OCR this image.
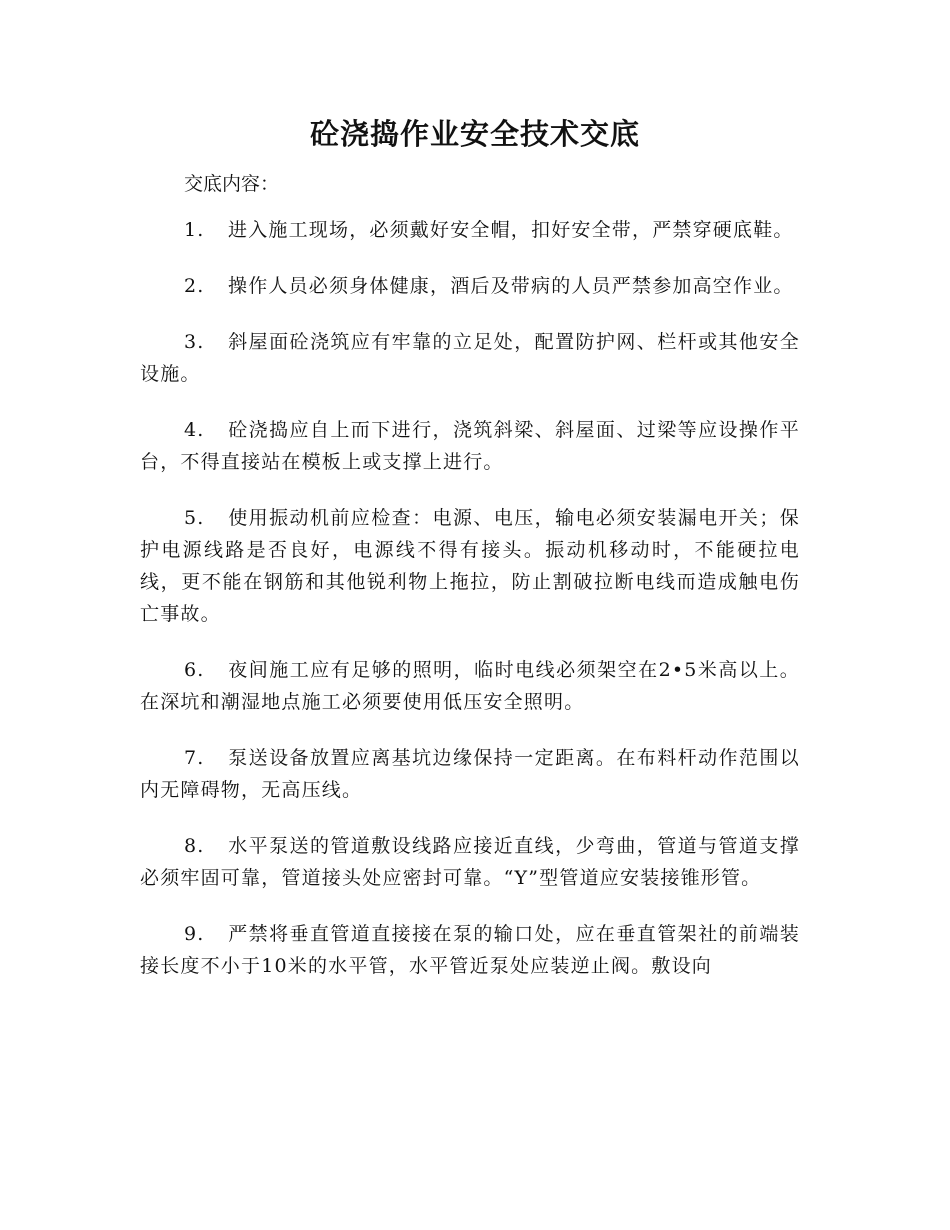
砼浇捣作业安全技术交底

交底内容：

1. 进入施工现场，必须戴好安全帽，扣好安全带，严禁穿硬底鞋。

2. 操作人员必须身体健康，酒后及带病的人员严禁参加高空作业。

3. 斜屋面砼浇筑应有牢靠的立足处，配置防护网、栏杆或其他安全设施。

4. 砼浇捣应自上而下进行，浇筑斜梁、斜屋面、过梁等应设操作平台，不得直接站在模板上或支撑上进行。

5. 使用振动机前应检查：电源、电压，输电必须安装漏电开关；保护电源线路是否良好，电源线不得有接头。振动机移动时，不能硬拉电线，更不能在钢筋和其他锐利物上拖拉，防止割破拉断电线而造成触电伤亡事故。

6. 夜间施工应有足够的照明，临时电线必须架空在2•5米高以上。在深坑和潮湿地点施工必须要使用低压安全照明。

7. 泵送设备放置应离基坑边缘保持一定距离。在布料杆动作范围以内无障碍物，无高压线。

8. 水平泵送的管道敷设线路应接近直线，少弯曲，管道与管道支撑必须牢固可靠，管道接头处应密封可靠。“Y”型管道应安装接锥形管。

9. 严禁将垂直管道直接接在泵的输口处，应在垂直管架社的前端装接长度不小于10米的水平管，水平管近泵处应装逆止阀。敷设向
